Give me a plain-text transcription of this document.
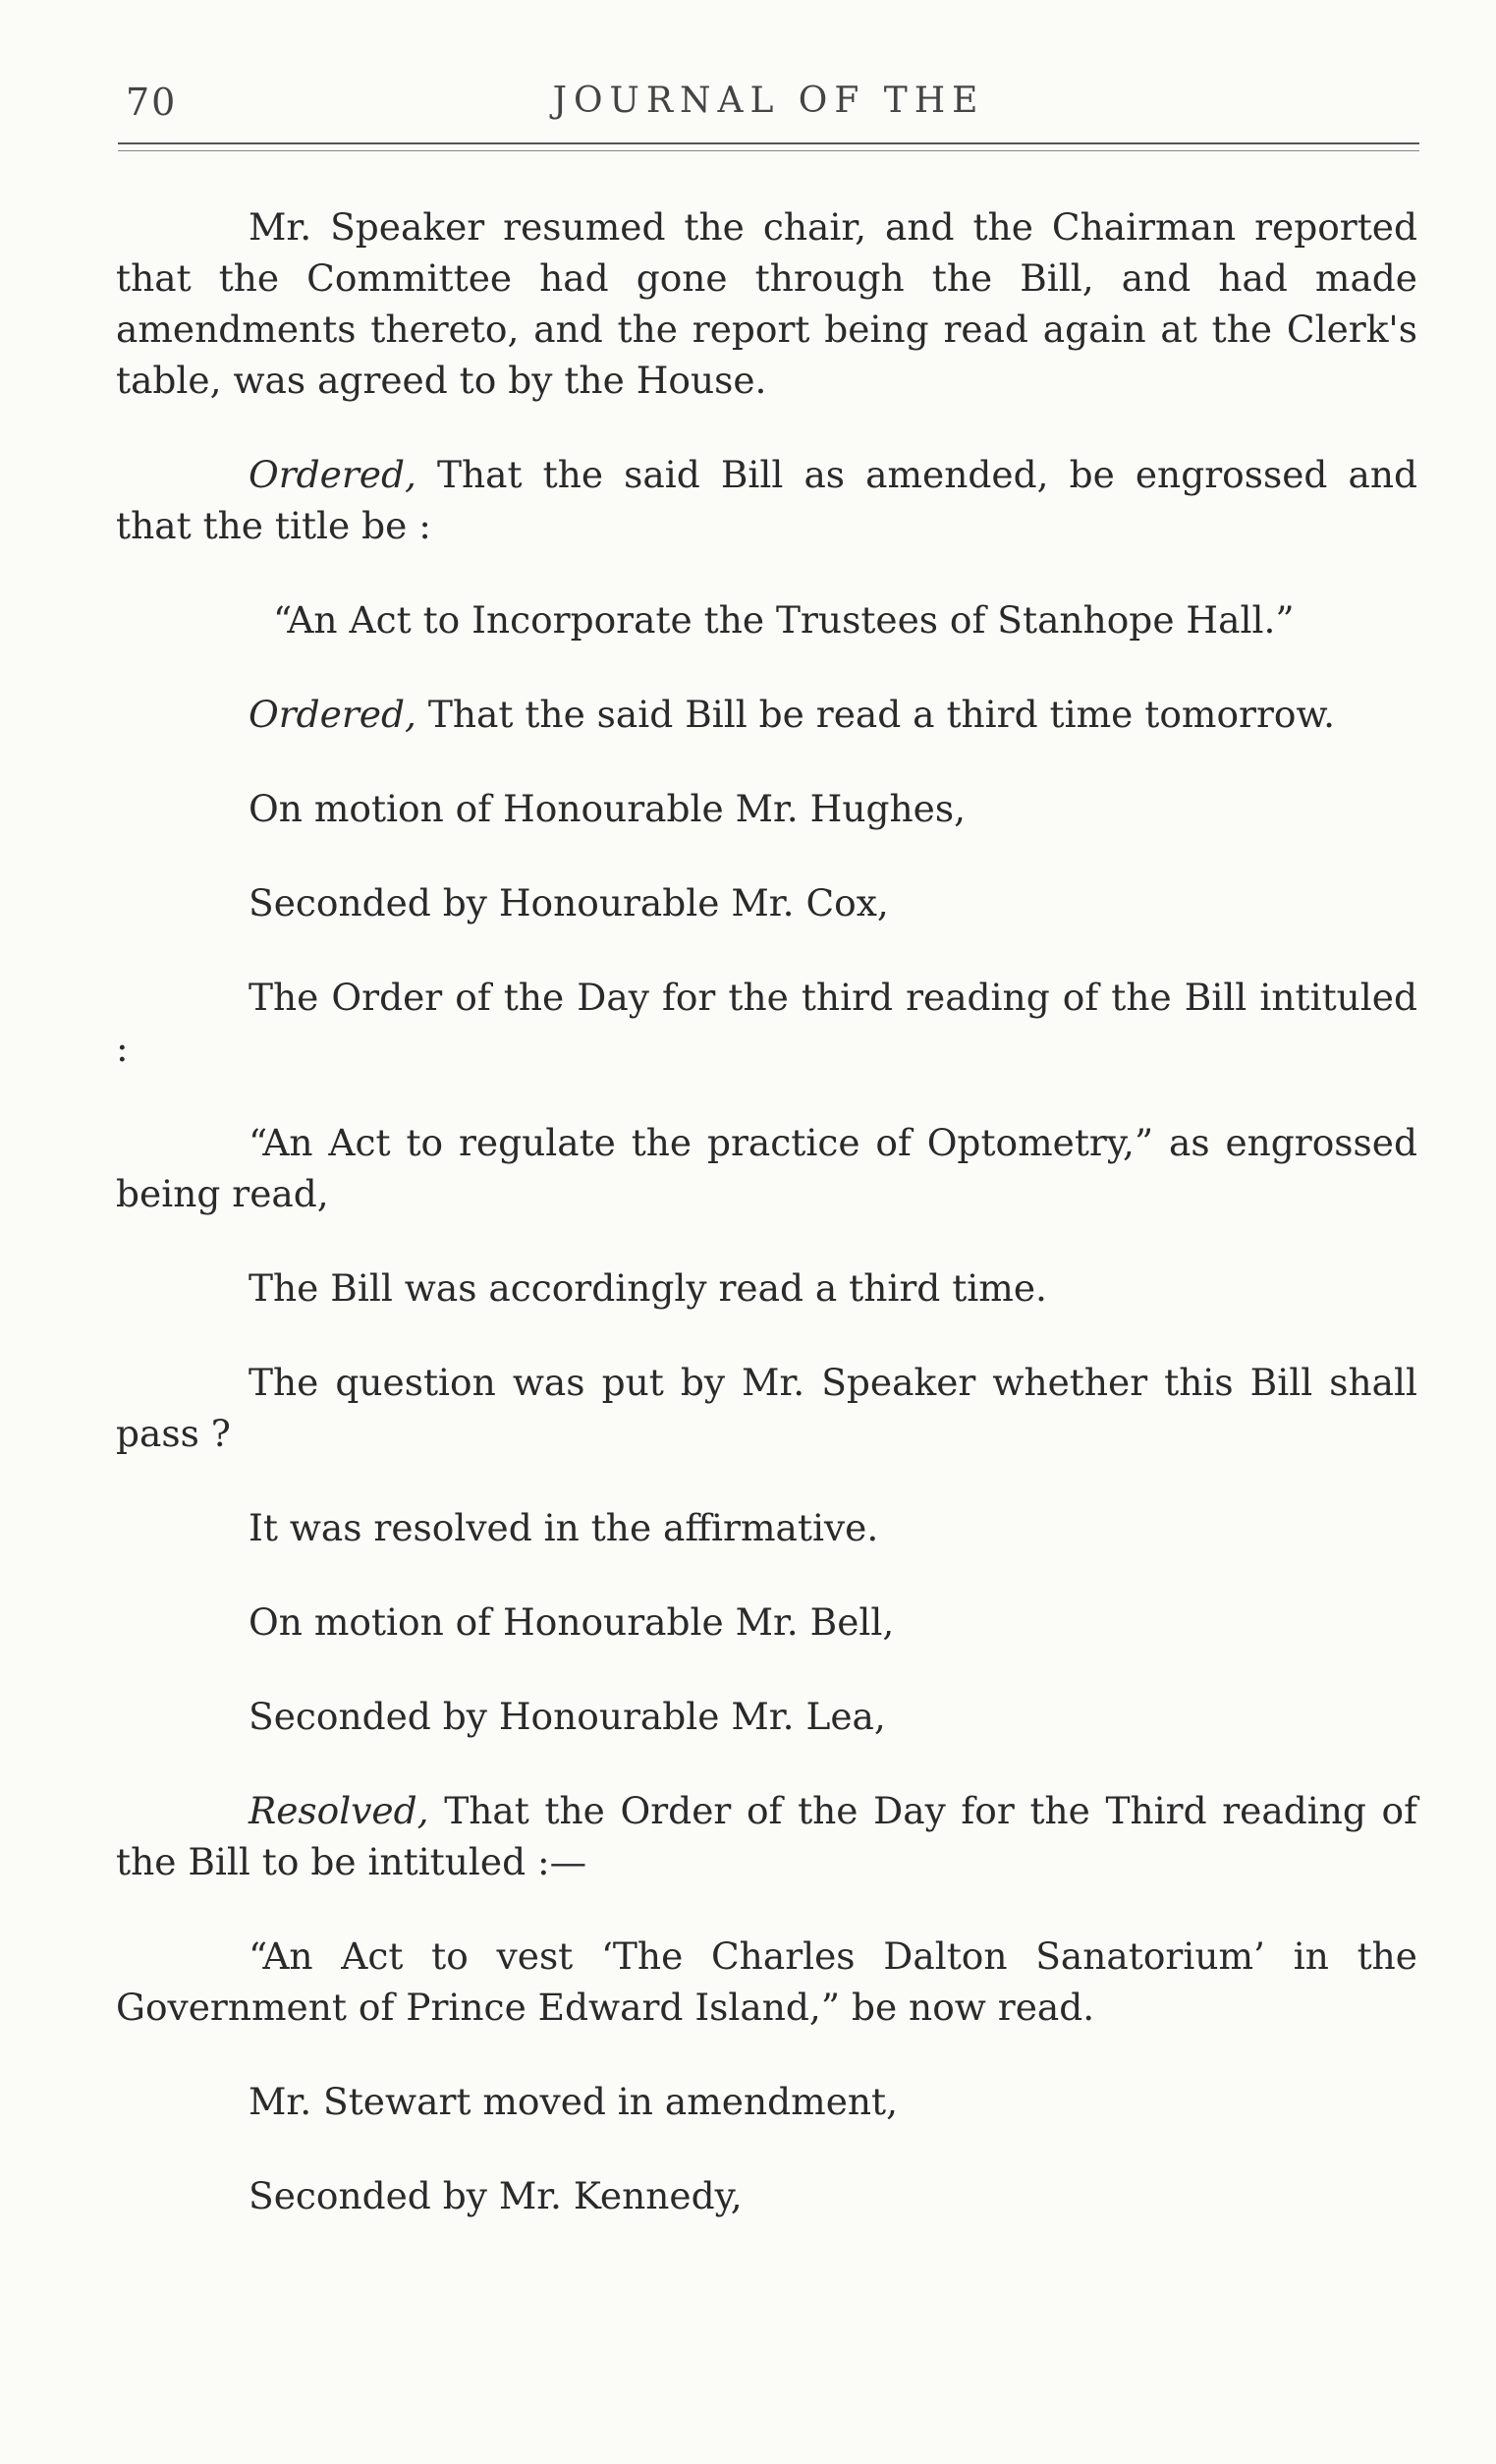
70	JOURNAL OF THE

Mr. Speaker resumed the chair, and the Chairman reported that the Committee had gone through the Bill, and had made amendments thereto, and the report being read again at the Clerk's table, was agreed to by the House.

Ordered, That the said Bill as amended, be engrossed and that the title be :

“An Act to Incorporate the Trustees of Stanhope Hall.”

Ordered, That the said Bill be read a third time tomorrow.

On motion of Honourable Mr. Hughes,

Seconded by Honourable Mr. Cox,

The Order of the Day for the third reading of the Bill intituled :

“An Act to regulate the practice of Optometry,” as engrossed being read,

The Bill was accordingly read a third time.

The question was put by Mr. Speaker whether this Bill shall pass ?

It was resolved in the affirmative.

On motion of Honourable Mr. Bell,

Seconded by Honourable Mr. Lea,

Resolved, That the Order of the Day for the Third reading of the Bill to be intituled :—

“An Act to vest ‘The Charles Dalton Sanatorium’ in the Government of Prince Edward Island,” be now read.

Mr. Stewart moved in amendment,

Seconded by Mr. Kennedy,
